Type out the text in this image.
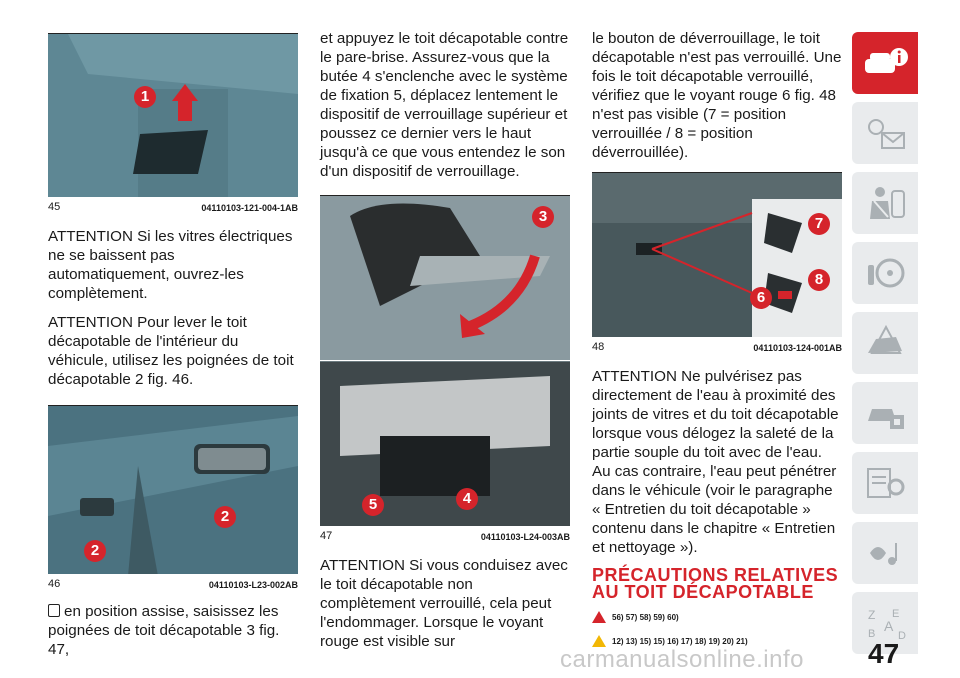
1
45	04110103-121-004-1AB

ATTENTION Si les vitres électriques ne se baissent pas automatiquement, ouvrez-les complètement.

ATTENTION Pour lever le toit décapotable de l'intérieur du véhicule, utilisez les poignées de toit décapotable 2 fig. 46.

2
2
46	04110103-L23-002AB

en position assise, saisissez les poignées de toit décapotable 3 fig. 47,

et appuyez le toit décapotable contre le pare-brise. Assurez-vous que la butée 4 s'enclenche avec le système de fixation 5, déplacez lentement le dispositif de verrouillage supérieur et poussez ce dernier vers le haut jusqu'à ce que vous entendez le son d'un dispositif de verrouillage.

3
5	4
47	04110103-L24-003AB

ATTENTION Si vous conduisez avec le toit décapotable non complètement verrouillé, cela peut l'endommager. Lorsque le voyant rouge est visible sur

le bouton de déverrouillage, le toit décapotable n'est pas verrouillé. Une fois le toit décapotable verrouillé, vérifiez que le voyant rouge 6 fig. 48 n'est pas visible (7 = position verrouillée / 8 = position déverrouillée).

7
6
8
48	04110103-124-001AB

ATTENTION Ne pulvérisez pas directement de l'eau à proximité des joints de vitres et du toit décapotable lorsque vous délogez la saleté de la partie souple du toit avec de l'eau. Au cas contraire, l'eau peut pénétrer dans le véhicule (voir le paragraphe « Entretien du toit décapotable » contenu dans le chapitre « Entretien et nettoyage »).

PRÉCAUTIONS RELATIVES AU TOIT DÉCAPOTABLE
56) 57) 58) 59) 60)
12) 13) 15) 15) 16) 17) 18) 19) 20) 21)
Z E
A
B D
47
carmanualsonline.info
